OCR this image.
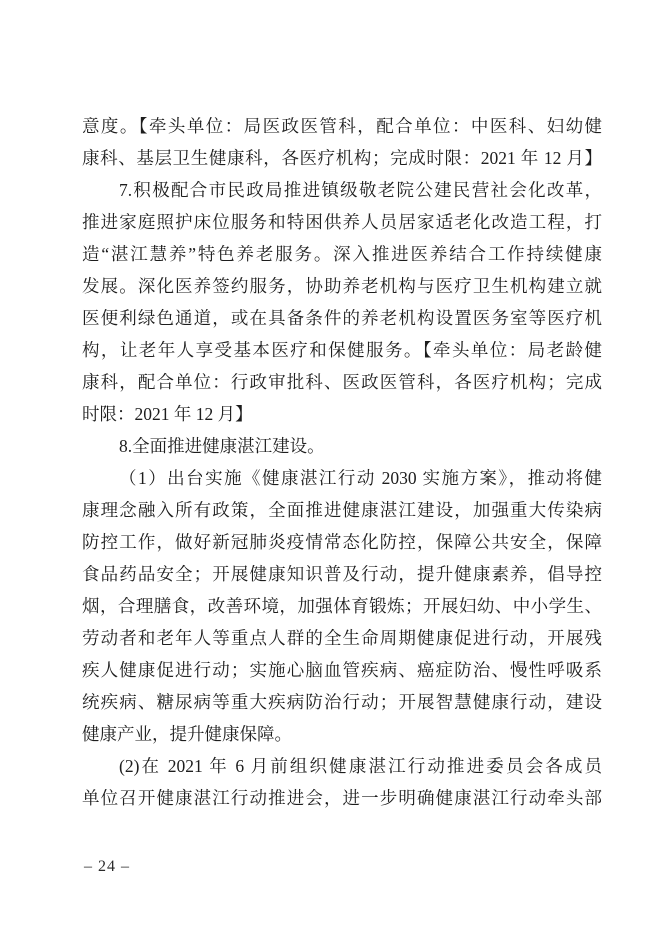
意度。【牵头单位：局医政医管科，配合单位：中医科、妇幼健
康科、基层卫生健康科，各医疗机构；完成时限：2021 年 12 月】
7.积极配合市民政局推进镇级敬老院公建民营社会化改革，
推进家庭照护床位服务和特困供养人员居家适老化改造工程，打
造“湛江慧养”特色养老服务。深入推进医养结合工作持续健康
发展。深化医养签约服务，协助养老机构与医疗卫生机构建立就
医便利绿色通道，或在具备条件的养老机构设置医务室等医疗机
构，让老年人享受基本医疗和保健服务。【牵头单位：局老龄健
康科，配合单位：行政审批科、医政医管科，各医疗机构；完成
时限：2021 年 12 月】
8.全面推进健康湛江建设。
（1）出台实施《健康湛江行动 2030 实施方案》，推动将健
康理念融入所有政策，全面推进健康湛江建设，加强重大传染病
防控工作，做好新冠肺炎疫情常态化防控，保障公共安全，保障
食品药品安全；开展健康知识普及行动，提升健康素养，倡导控
烟，合理膳食，改善环境，加强体育锻炼；开展妇幼、中小学生、
劳动者和老年人等重点人群的全生命周期健康促进行动，开展残
疾人健康促进行动；实施心脑血管疾病、癌症防治、慢性呼吸系
统疾病、糖尿病等重大疾病防治行动；开展智慧健康行动，建设
健康产业，提升健康保障。
(2)在 2021 年 6 月前组织健康湛江行动推进委员会各成员
单位召开健康湛江行动推进会，进一步明确健康湛江行动牵头部
– 24 –
